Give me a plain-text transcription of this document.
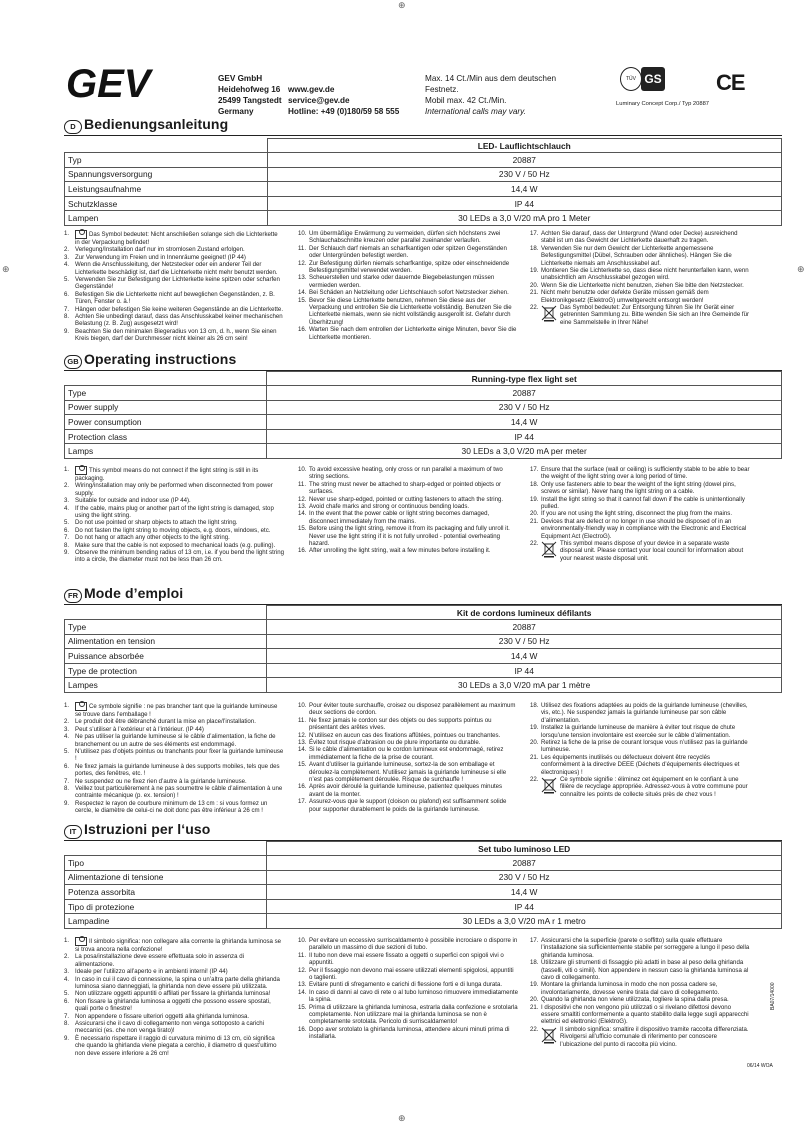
⊕
⊕
⊕	⊕
GEV	GEV GmbH
Heidehofweg 16
25499 Tangstedt
Germany
www.gev.de
service@gev.de
Hotline: +49 (0)180/59 58 555
Max. 14 Ct./Min aus dem deutschen Festnetz.
Mobil max. 42 Ct./Min.
International calls may vary.
TÜV GS CE
Luminary Concept Corp./ Typ 20887
D Bedienungsanleitung
	LED- Lauflichtschlauch
Typ	20887
Spannungsversorgung	230 V / 50 Hz
Leistungsaufnahme	14,4 W
Schutzklasse	IP 44
Lampen	30 LEDs a 3,0 V/20 mA pro 1 Meter
1.	Das Symbol bedeutet: Nicht anschließen solange sich die Lichterkette in der Verpackung befindet!
2. Verlegung/Installation darf nur im stromlosen Zustand erfolgen.
3. Zur Verwendung im Freien und in Innenräume geeignet! (IP 44)
4. Wenn die Anschlussleitung, der Netzstecker oder ein anderer Teil der Lichterkette beschädigt ist, darf die Lichterkette nicht mehr benutzt werden.
5. Verwenden Sie zur Befestigung der Lichterkette keine spitzen oder scharfen Gegenstände!
6. Befestigen Sie die Lichterkette nicht auf beweglichen Gegenständen, z. B. Türen, Fenster o. ä.!
7. Hängen oder befestigen Sie keine weiteren Gegenstände an die Lichterkette.
8. Achten Sie unbedingt darauf, dass das Anschlusskabel keiner mechanischen Belastung (z. B. Zug) ausgesetzt wird!
9. Beachten Sie den minimalen Biegeradius von 13 cm, d. h., wenn Sie einen Kreis biegen, darf der Durchmesser nicht kleiner als 26 cm sein!
10. Um übermäßige Erwärmung zu vermeiden, dürfen sich höchstens zwei Schlauchabschnitte kreuzen oder parallel zueinander verlaufen.
11. Der Schlauch darf niemals an scharfkantigen oder spitzen Gegenständen oder Untergründen befestigt werden.
12. Zur Befestigung dürfen niemals scharfkantige, spitze oder einschneidende Befestigungsmittel verwendet werden.
13. Scheuerstellen und starke oder dauernde Biegebelastungen müssen vermieden werden.
14. Bei Schäden an Netzleitung oder Lichtschlauch sofort Netzstecker ziehen.
15. Bevor Sie diese Lichterkette benutzen, nehmen Sie diese aus der Verpackung und entrollen Sie die Lichterkette vollständig. Benutzen Sie die Lichterkette niemals, wenn sie nicht vollständig ausgerollt ist. Gefahr durch Überhitzung!
16. Warten Sie nach dem entrollen der Lichterkette einige Minuten, bevor Sie die Lichterkette montieren.
17. Achten Sie darauf, dass der Untergrund (Wand oder Decke) ausreichend stabil ist um das Gewicht der Lichterkette dauerhaft zu tragen.
18. Verwenden Sie nur dem Gewicht der Lichterkette angemessene Befestigungsmittel (Dübel, Schrauben oder ähnliches). Hängen Sie die Lichterkette niemals am Anschlusskabel auf.
19. Montieren Sie die Lichterkette so, dass diese nicht herunterfallen kann, wenn unabsichtlich am Anschlusskabel gezogen wird.
20. Wenn Sie die Lichterkette nicht benutzen, ziehen Sie bitte den Netzstecker.
21. Nicht mehr benutzte oder defekte Geräte müssen gemäß dem Elektronikgesetz (ElektroG) umweltgerecht entsorgt werden!
22.	Das Symbol bedeutet: Zur Entsorgung führen Sie Ihr Gerät einer getrennten Sammlung zu. Bitte wenden Sie sich an Ihre Gemeinde für eine Sammelstelle in Ihrer Nähe!
GB Operating instructions
	Running-type flex light set
Type	20887
Power supply	230 V / 50 Hz
Power consumption	14,4 W
Protection class	IP 44
Lamps	30 LEDs a 3,0 V/20 mA per meter
1.	This symbol means do not connect if the light string is still in its packaging.
2. Wiring/installation may only be performed when disconnected from power supply.
3. Suitable for outside and indoor use (IP 44).
4. If the cable, mains plug or another part of the light string is damaged, stop using the light string.
5. Do not use pointed or sharp objects to attach the light string.
6. Do not fasten the light string to moving objects, e.g. doors, windows, etc.
7. Do not hang or attach any other objects to the light string.
8. Make sure that the cable is not exposed to mechanical loads (e.g. pulling).
9. Observe the minimum bending radius of 13 cm, i.e. if you bend the light string into a circle, the diameter must not be less than 26 cm.
10. To avoid excessive heating, only cross or run parallel a maximum of two string sections.
11. The string must never be attached to sharp-edged or pointed objects or surfaces.
12. Never use sharp-edged, pointed or cutting fasteners to attach the string.
13. Avoid chafe marks and strong or continuous bending loads.
14. In the event that the power cable or light string becomes damaged, disconnect immediately from the mains.
15. Before using the light string, remove it from its packaging and fully unroll it. Never use the light string if it is not fully unrolled - potential overheating hazard.
16. After unrolling the light string, wait a few minutes before installing it.
17. Ensure that the surface (wall or ceiling) is sufficiently stable to be able to bear the weight of the light string over a long period of time.
18. Only use fasteners able to bear the weight of the light string (dowel pins, screws or similar). Never hang the light string on a cable.
19. Install the light string so that it cannot fall down if the cable is unintentionally pulled.
20. If you are not using the light string, disconnect the plug from the mains.
21. Devices that are defect or no longer in use should be disposed of in an environmentally-friendly way in compliance with the Electronic and Electrical Equipment Act (ElectroG).
22.	This symbol means dispose of your device in a separate waste disposal unit. Please contact your local council for information about your nearest waste disposal unit.
FR Mode d’emploi
	Kit de cordons lumineux défilants
Type	20887
Alimentation en tension	230 V / 50 Hz
Puissance absorbée	14,4 W
Type de protection	IP 44
Lampes	30 LEDs a 3,0 V/20 mA par 1 mètre
1.	Ce symbole signifie : ne pas brancher tant que la guirlande lumineuse se trouve dans l’emballage !
2. Le produit doit être débranché durant la mise en place/l’installation.
3. Peut s’utiliser à l’extérieur et à l’intérieur. (IP 44)
4. Ne pas utiliser la guirlande lumineuse si le câble d’alimentation, la fiche de branchement ou un autre de ses éléments est endommagé.
5. N’utilisez pas d’objets pointus ou tranchants pour fixer la guirlande lumineuse !
6. Ne fixez jamais la guirlande lumineuse à des supports mobiles, tels que des portes, des fenêtres, etc. !
7. Ne suspendez ou ne fixez rien d’autre à la guirlande lumineuse.
8. Veillez tout particulièrement à ne pas soumettre le câble d’alimentation à une contrainte mécanique (p. ex. tension) !
9. Respectez le rayon de courbure minimum de 13 cm : si vous formez un cercle, le diamètre de celui-ci ne doit donc pas être inférieur à 26 cm !
10. Pour éviter toute surchauffe, croisez ou disposez parallèlement au maximum deux sections de cordon.
11. Ne fixez jamais le cordon sur des objets ou des supports pointus ou présentant des arêtes vives.
12. N’utilisez en aucun cas des fixations affûtées, pointues ou tranchantes.
13. Évitez tout risque d’abrasion ou de plure importante ou durable.
14. Si le câble d’alimentation ou le cordon lumineux est endommagé, retirez immédiatement la fiche de la prise de courant.
15. Avant d’utiliser la guirlande lumineuse, sortez-la de son emballage et déroulez-la complètement. N’utilisez jamais la guirlande lumineuse si elle n’est pas complètement déroulée. Risque de surchauffe !
16. Après avoir déroulé la guirlande lumineuse, patientez quelques minutes avant de la monter.
17. Assurez-vous que le support (cloison ou plafond) est suffisamment solide pour supporter durablement le poids de la guirlande lumineuse.
18. Utilisez des fixations adaptées au poids de la guirlande lumineuse (chevilles, vis, etc.). Ne suspendez jamais la guirlande lumineuse par son câble d’alimentation.
19. Installez la guirlande lumineuse de manière à éviter tout risque de chute lorsqu’une tension involontaire est exercée sur le câble d’alimentation.
20. Retirez la fiche de la prise de courant lorsque vous n’utilisez pas la guirlande lumineuse.
21. Les équipements inutilisés ou défectueux doivent être recyclés conformément à la directive DEEE (Déchets d’équipements électriques et électroniques) !
22.	Ce symbole signifie : éliminez cet équipement en le confiant à une filière de recyclage appropriée. Adressez-vous à votre commune pour connaître les points de collecte situés près de chez vous !
IT Istruzioni per l‘uso
	Set tubo luminoso LED
Tipo	20887
Alimentazione di tensione	230 V / 50 Hz
Potenza assorbita	14,4 W
Tipo di protezione	IP 44
Lampadine	30 LEDs a 3,0 V/20 mA r 1 metro
1.	Il simbolo significa: non collegare alla corrente la ghirlanda luminosa se si trova ancora nella confezione!
2. La posa/installazione deve essere effettuata solo in assenza di alimentazione.
3. Ideale per l’utilizzo all’aperto e in ambienti interni! (IP 44)
4. In caso in cui il cavo di connessione, la spina o un’altra parte della ghirlanda luminosa siano danneggiati, la ghirlanda non deve essere più utilizzata.
5. Non utilizzare oggetti appuntiti o affilati per fissare la ghirlanda luminosa!
6. Non fissare la ghirlanda luminosa a oggetti che possono essere spostati, quali porte o finestre!
7. Non appendere o fissare ulteriori oggetti alla ghirlanda luminosa.
8. Assicurarsi che il cavo di collegamento non venga sottoposto a carichi meccanici (es. che non venga tirato)!
9. È necessario rispettare il raggio di curvatura minimo di 13 cm, ciò significa che quando la ghirlanda viene piegata a cerchio, il diametro di quest’ultimo non deve essere inferiore a 26 cm!
10. Per evitare un eccessivo surriscaldamento è possibile incrociare o disporre in parallelo un massimo di due sezioni di tubo.
11. Il tubo non deve mai essere fissato a oggetti o superfici con spigoli vivi o appuntiti.
12. Per il fissaggio non devono mai essere utilizzati elementi spigolosi, appuntiti o taglienti.
13. Evitare punti di sfregamento e carichi di flessione forti e di lunga durata.
14. In caso di danni al cavo di rete o al tubo luminoso rimuovere immediatamente la spina.
15. Prima di utilizzare la ghirlanda luminosa, estrarla dalla confezione e srotolarla completamente. Non utilizzare mai la ghirlanda luminosa se non è completamente srotolata. Pericolo di surriscaldamento!
16. Dopo aver srotolato la ghirlanda luminosa, attendere alcuni minuti prima di installarla.
17. Assicurarsi che la superficie (parete o soffitto) sulla quale effettuare l’installazione sia sufficientemente stabile per sorreggere a lungo il peso della ghirlanda luminosa.
18. Utilizzare gli strumenti di fissaggio più adatti in base al peso della ghirlanda (tasselli, viti o simili). Non appendere in nessun caso la ghirlanda luminosa al cavo di collegamento.
19. Montare la ghirlanda luminosa in modo che non possa cadere se, involontariamente, dovesse venire tirata dal cavo di collegamento.
20. Quando la ghirlanda non viene utilizzata, togliere la spina dalla presa.
21. I dispositivi che non vengono più utilizzati o si rivelano difettosi devono essere smaltiti conformemente a quanto stabilito dalla legge sugli apparecchi elettrici ed elettronici (ElektroG).
22.	Il simbolo significa: smaltire il dispositivo tramite raccolta differenziata. Rivolgersi all’ufficio comunale di riferimento per conoscere l’ubicazione del punto di raccolta più vicino.
BA07/14000
06/14 WOA
